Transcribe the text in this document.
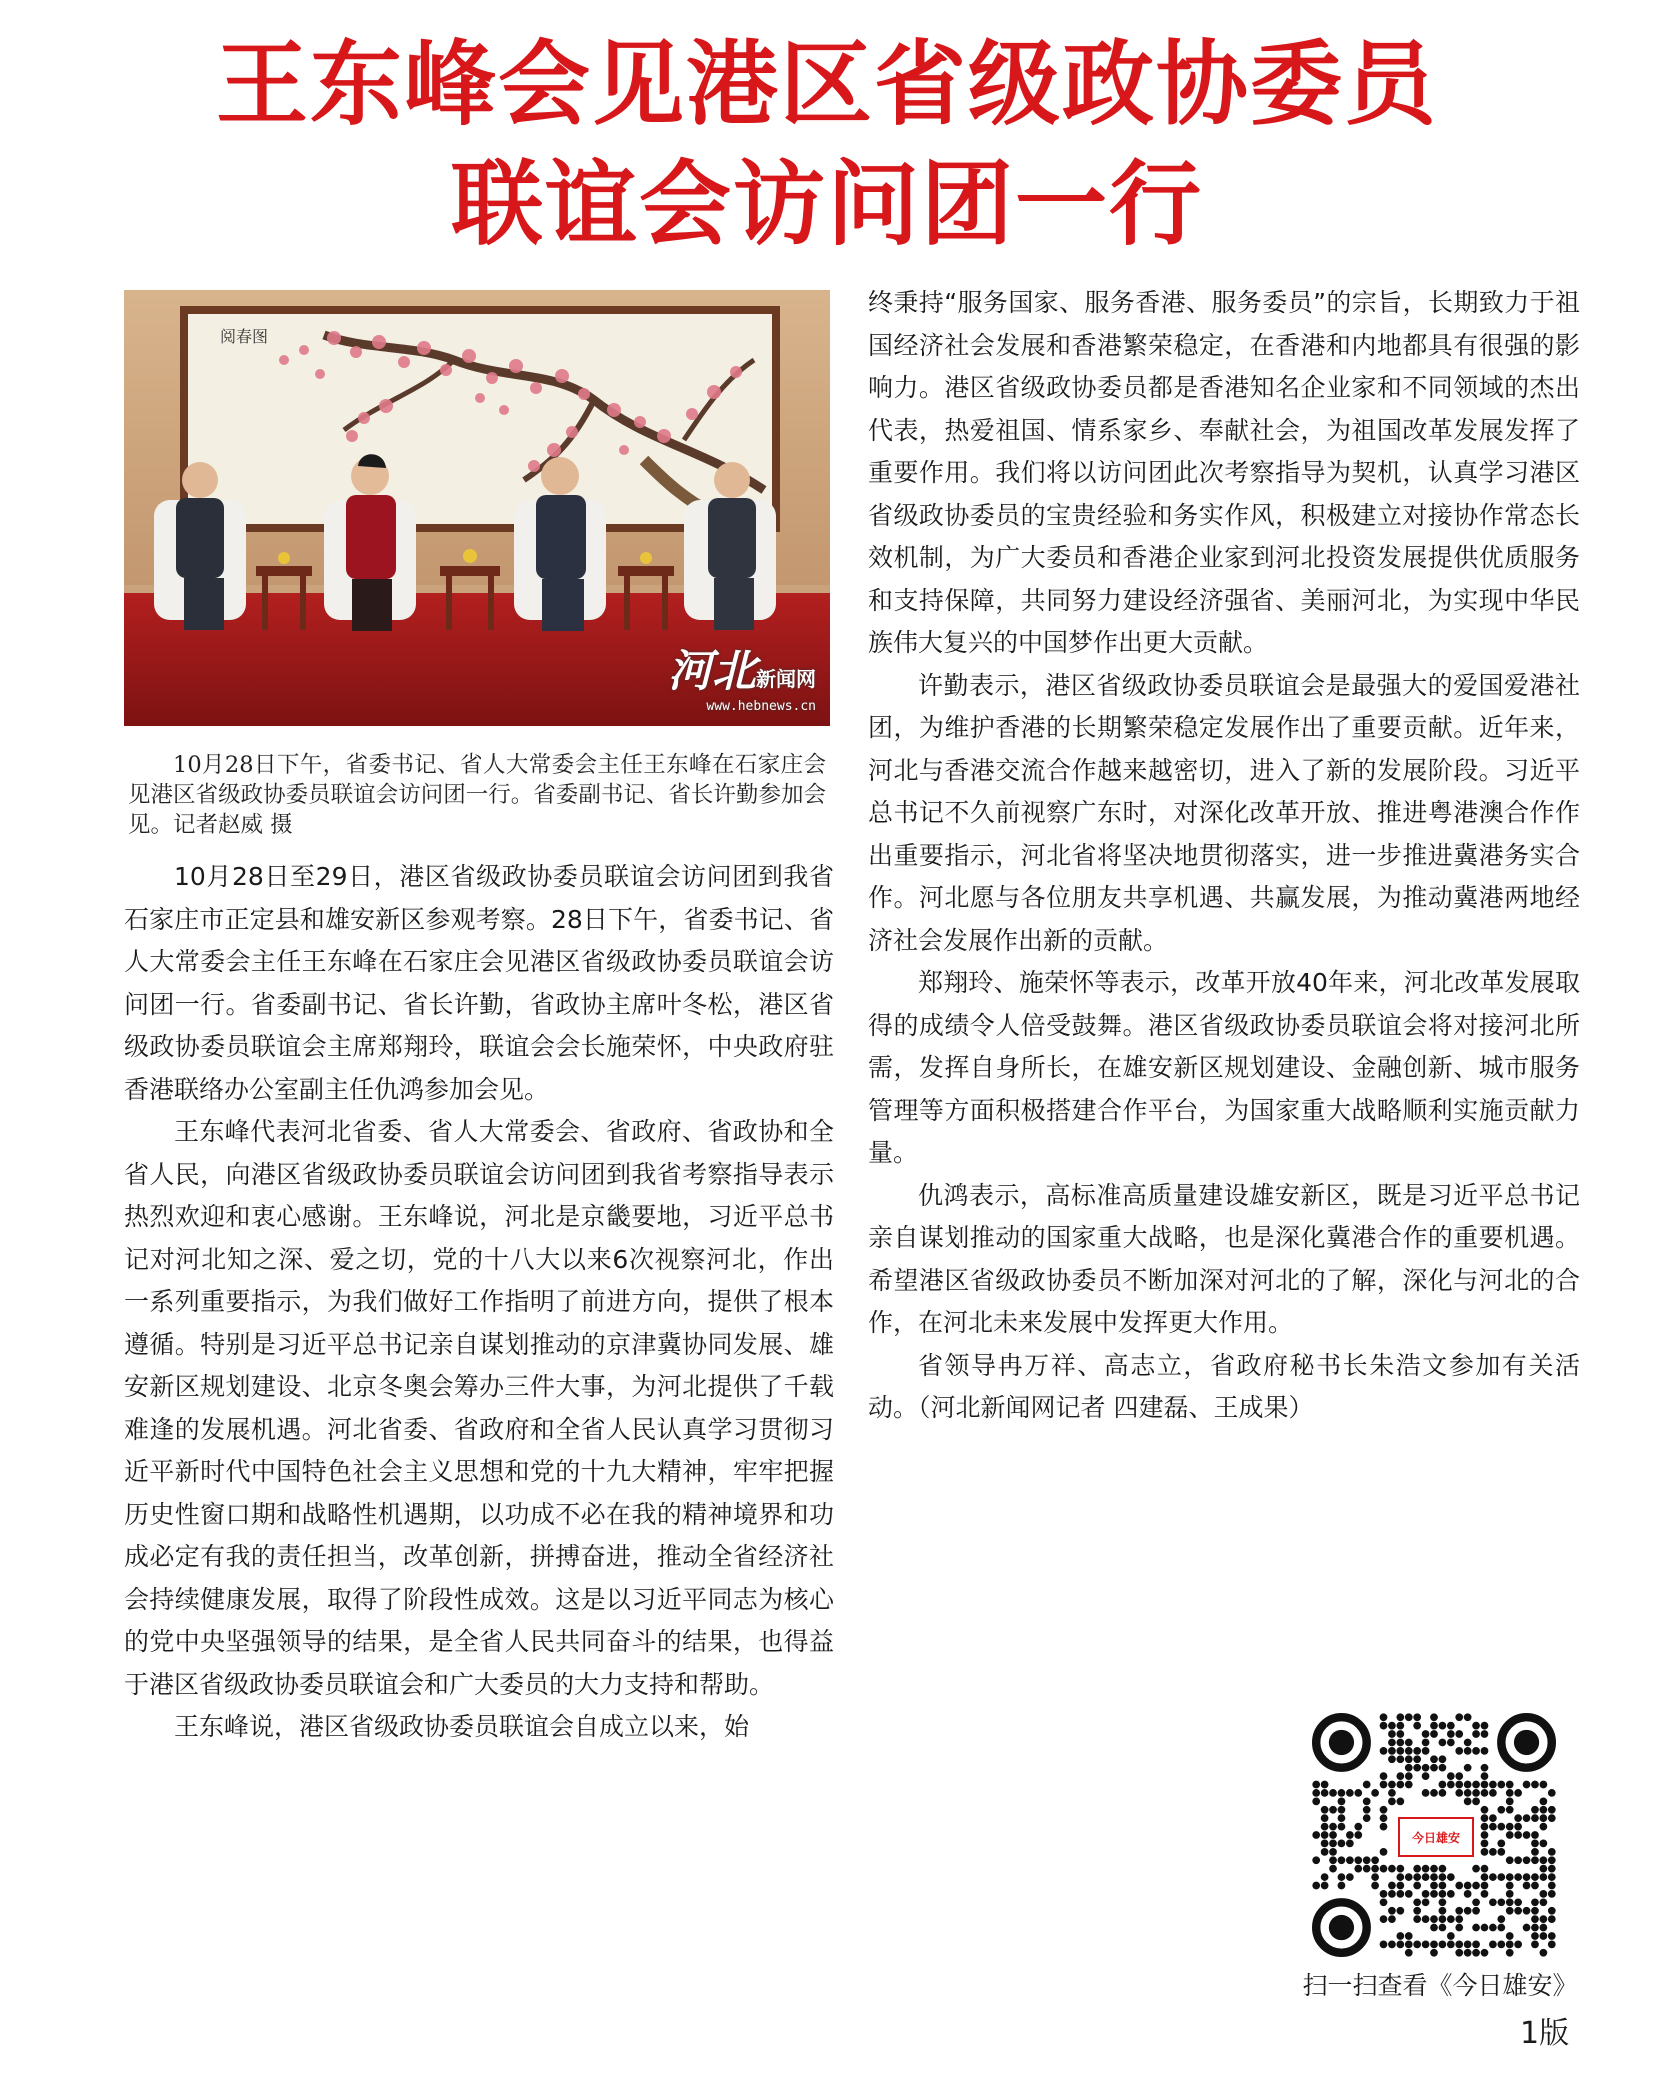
王东峰会见港区省级政协委员
联谊会访问团一行
阅春图
河北新闻网
www.hebnews.cn
10月28日下午，省委书记、省人大常委会主任王东峰在石家庄会见港区省级政协委员联谊会访问团一行。省委副书记、省长许勤参加会见。记者赵威 摄

10月28日至29日，港区省级政协委员联谊会访问团到我省石家庄市正定县和雄安新区参观考察。28日下午，省委书记、省人大常委会主任王东峰在石家庄会见港区省级政协委员联谊会访问团一行。省委副书记、省长许勤，省政协主席叶冬松，港区省级政协委员联谊会主席郑翔玲，联谊会会长施荣怀，中央政府驻香港联络办公室副主任仇鸿参加会见。

王东峰代表河北省委、省人大常委会、省政府、省政协和全省人民，向港区省级政协委员联谊会访问团到我省考察指导表示热烈欢迎和衷心感谢。王东峰说，河北是京畿要地，习近平总书记对河北知之深、爱之切，党的十八大以来6次视察河北，作出一系列重要指示，为我们做好工作指明了前进方向，提供了根本遵循。特别是习近平总书记亲自谋划推动的京津冀协同发展、雄安新区规划建设、北京冬奥会筹办三件大事，为河北提供了千载难逢的发展机遇。河北省委、省政府和全省人民认真学习贯彻习近平新时代中国特色社会主义思想和党的十九大精神，牢牢把握历史性窗口期和战略性机遇期，以功成不必在我的精神境界和功成必定有我的责任担当，改革创新，拼搏奋进，推动全省经济社会持续健康发展，取得了阶段性成效。这是以习近平同志为核心的党中央坚强领导的结果，是全省人民共同奋斗的结果，也得益于港区省级政协委员联谊会和广大委员的大力支持和帮助。

王东峰说，港区省级政协委员联谊会自成立以来，始

终秉持“服务国家、服务香港、服务委员”的宗旨，长期致力于祖国经济社会发展和香港繁荣稳定，在香港和内地都具有很强的影响力。港区省级政协委员都是香港知名企业家和不同领域的杰出代表，热爱祖国、情系家乡、奉献社会，为祖国改革发展发挥了重要作用。我们将以访问团此次考察指导为契机，认真学习港区省级政协委员的宝贵经验和务实作风，积极建立对接协作常态长效机制，为广大委员和香港企业家到河北投资发展提供优质服务和支持保障，共同努力建设经济强省、美丽河北，为实现中华民族伟大复兴的中国梦作出更大贡献。

许勤表示，港区省级政协委员联谊会是最强大的爱国爱港社团，为维护香港的长期繁荣稳定发展作出了重要贡献。近年来，河北与香港交流合作越来越密切，进入了新的发展阶段。习近平总书记不久前视察广东时，对深化改革开放、推进粤港澳合作作出重要指示，河北省将坚决地贯彻落实，进一步推进冀港务实合作。河北愿与各位朋友共享机遇、共赢发展，为推动冀港两地经济社会发展作出新的贡献。

郑翔玲、施荣怀等表示，改革开放40年来，河北改革发展取得的成绩令人倍受鼓舞。港区省级政协委员联谊会将对接河北所需，发挥自身所长，在雄安新区规划建设、金融创新、城市服务管理等方面积极搭建合作平台，为国家重大战略顺利实施贡献力量。

仇鸿表示，高标准高质量建设雄安新区，既是习近平总书记亲自谋划推动的国家重大战略，也是深化冀港合作的重要机遇。希望港区省级政协委员不断加深对河北的了解，深化与河北的合作，在河北未来发展中发挥更大作用。

省领导冉万祥、高志立，省政府秘书长朱浩文参加有关活动。（河北新闻网记者 四建磊、王成果）

今日雄安
扫一扫查看《今日雄安》
1版
